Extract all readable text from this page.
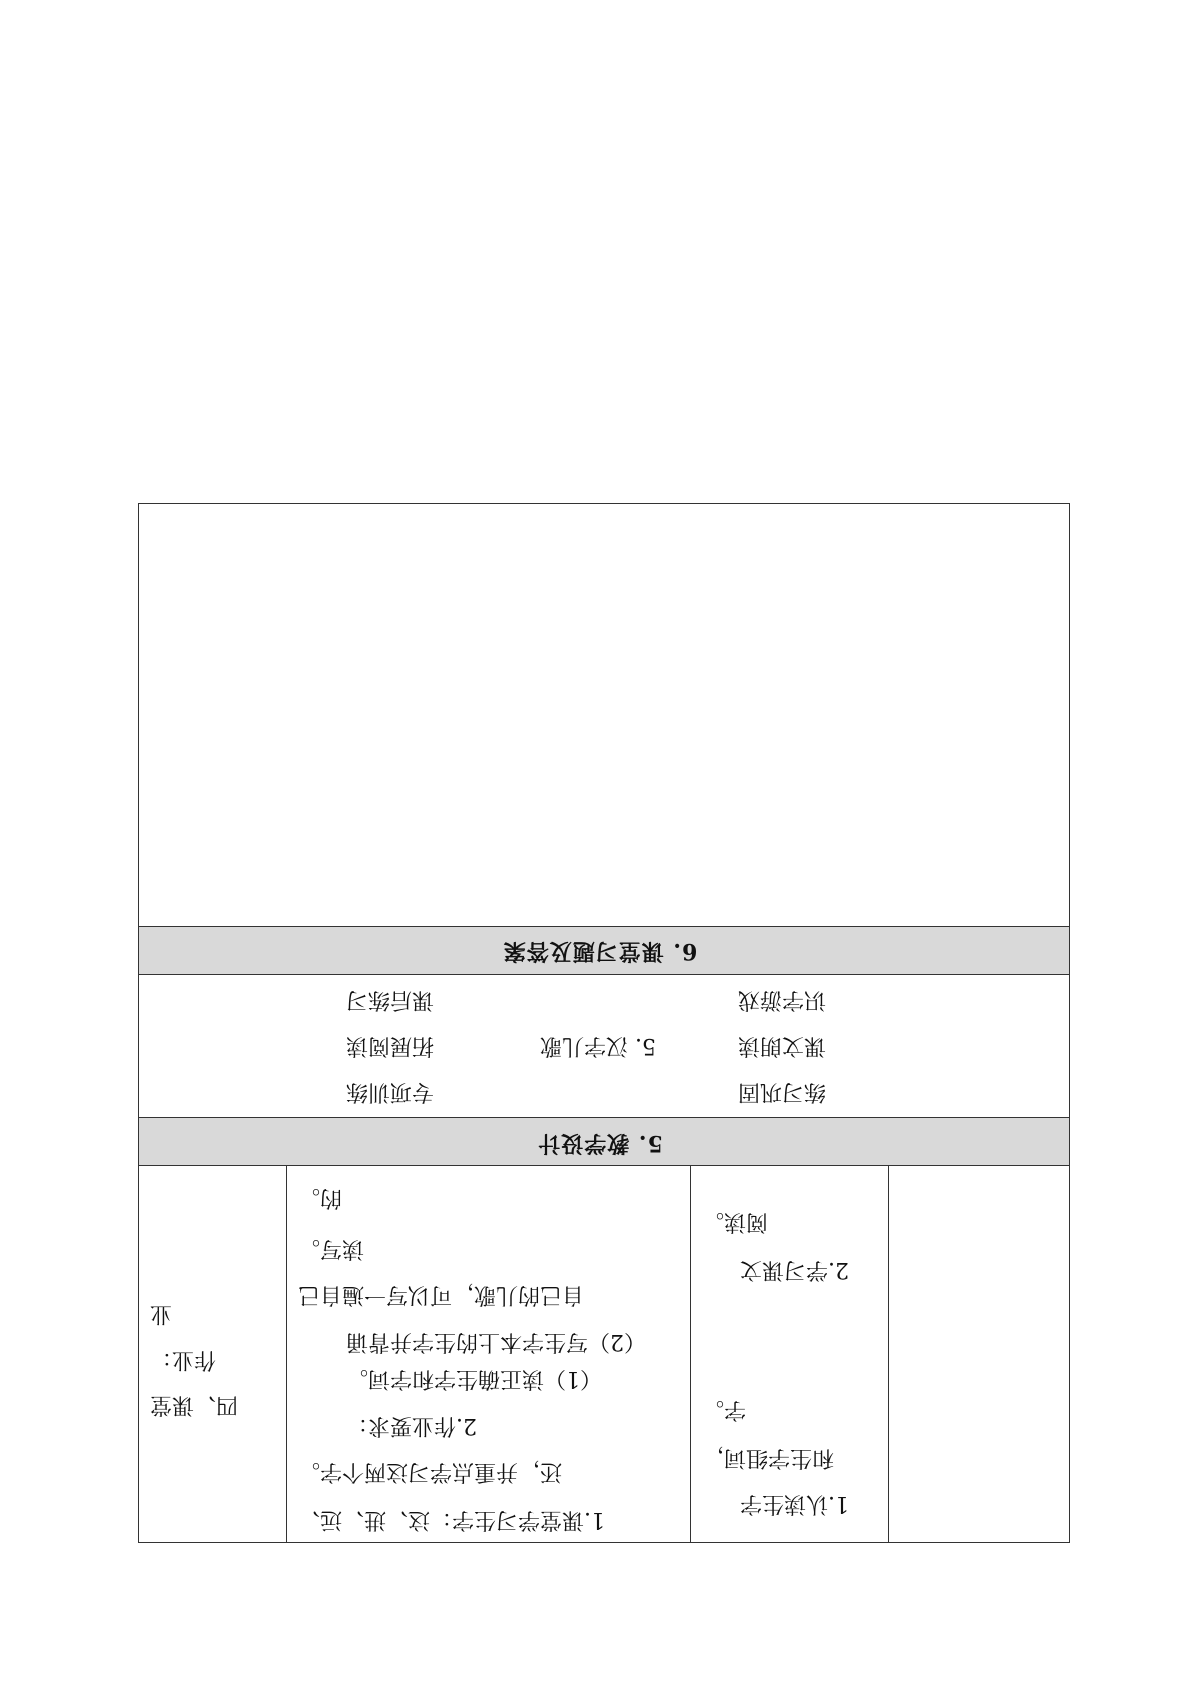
6. 课堂习题及答案
识字游戏
课文朗读
练习巩固
5. 汉字儿歌
课后练习
拓展阅读
专项训练
5. 教学设计
四、课堂
作业：
业
1.课堂学习生字：这、进、远、
还，并重点学习这两个字。
2.作业要求：
（1）读正确生字和字词。
（2）写生字本上的生字并背诵
自己的儿歌，可以写一遍自己
读写。
的。
1.认读生字
和生字组词，
字。
2.学习课文
阅读。
